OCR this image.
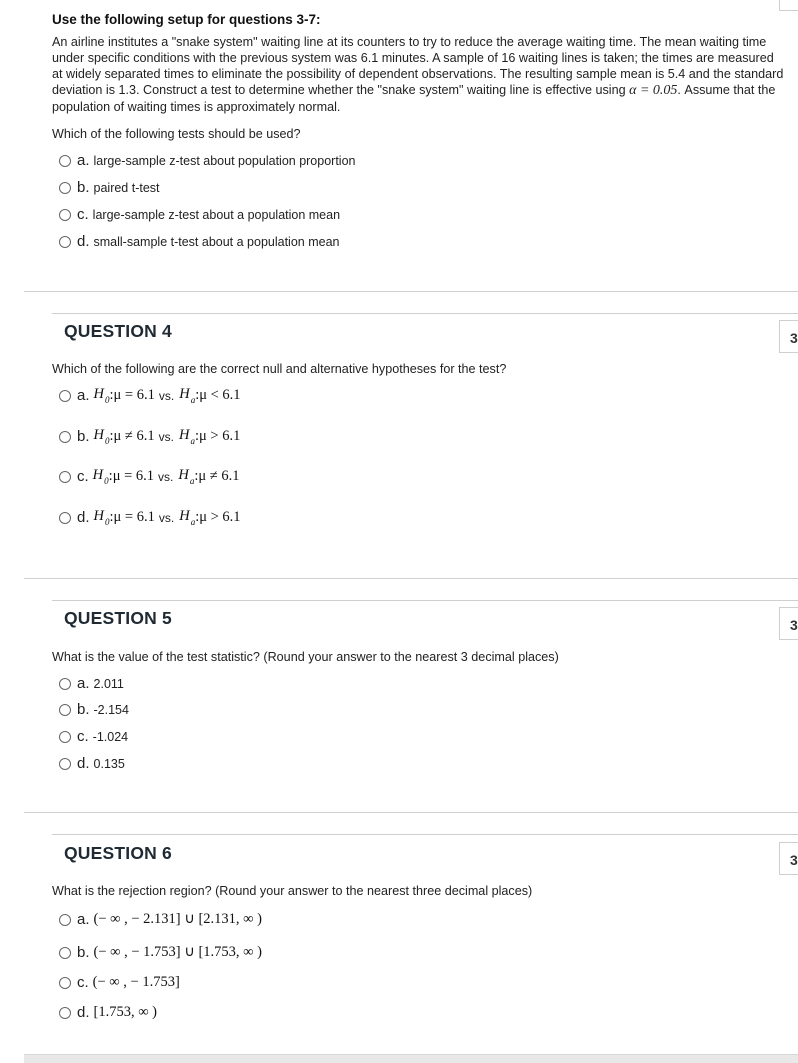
Use the following setup for questions 3-7:
An airline institutes a "snake system" waiting line at its counters to try to reduce the average waiting time. The mean waiting time under specific conditions with the previous system was 6.1 minutes. A sample of 16 waiting lines is taken; the times are measured at widely separated times to eliminate the possibility of dependent observations. The resulting sample mean is 5.4 and the standard deviation is 1.3. Construct a test to determine whether the "snake system" waiting line is effective using α = 0.05. Assume that the population of waiting times is approximately normal.
Which of the following tests should be used?
a. large-sample z-test about population proportion
b. paired t-test
c. large-sample z-test about a population mean
d. small-sample t-test about a population mean
QUESTION 4	3
Which of the following are the correct null and alternative hypotheses for the test?
a. $H_0$ :μ = 6.1 vs. $H_a$ :μ < 6.1
b. $H_0$ :μ ≠ 6.1 vs. $H_a$ :μ > 6.1
c. $H_0$ :μ = 6.1 vs. $H_a$ :μ ≠ 6.1
d. $H_0$ :μ = 6.1 vs. $H_a$ :μ > 6.1
QUESTION 5	3
What is the value of the test statistic? (Round your answer to the nearest 3 decimal places)
a. 2.011
b. -2.154
c. -1.024
d. 0.135
QUESTION 6	3
What is the rejection region? (Round your answer to the nearest three decimal places)
a. (− ∞ , − 2.131] ∪ [2.131, ∞ )
b. (− ∞ , − 1.753] ∪ [1.753, ∞ )
c. (− ∞ , − 1.753]
d. [1.753, ∞ )
